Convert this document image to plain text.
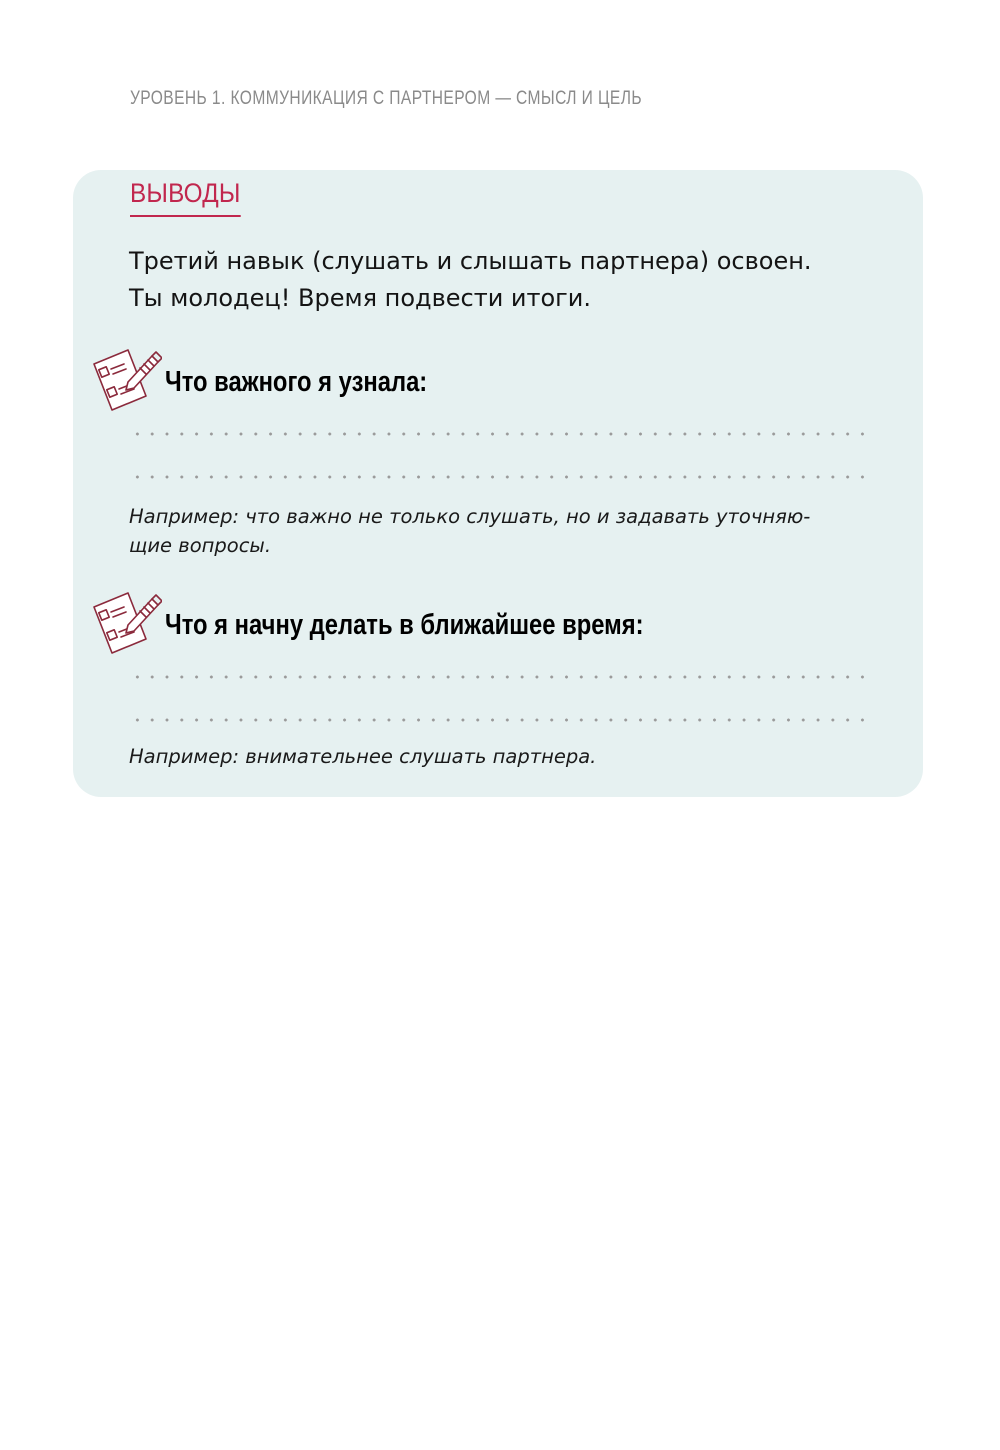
УРОВЕНЬ 1. КОММУНИКАЦИЯ С ПАРТНЕРОМ — СМЫСЛ И ЦЕЛЬ
ВЫВОДЫ
Третий навык (слушать и слышать партнера) освоен.
Ты молодец! Время подвести итоги.
Что важного я узнала:
Например: что важно не только слушать, но и задавать уточняю-
щие вопросы.
Что я начну делать в ближайшее время:
Например: внимательнее слушать партнера.
